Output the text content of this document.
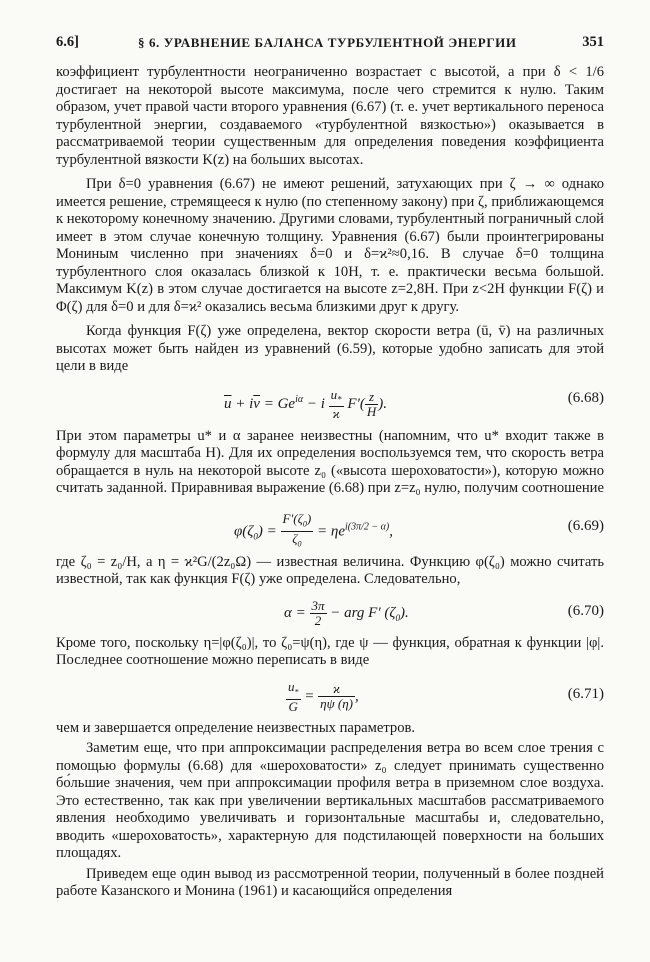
6.6]	§ 6. УРАВНЕНИЕ БАЛАНСА ТУРБУЛЕНТНОЙ ЭНЕРГИИ	351

коэффициент турбулентности неограниченно возрастает с высотой, а при δ < 1/6 достигает на некоторой высоте максимума, после чего стремится к нулю. Таким образом, учет правой части второго уравнения (6.67) (т. е. учет вертикального переноса турбулентной энергии, создаваемого «турбулентной вязкостью») оказывается в рассматриваемой теории существенным для определения поведения коэффициента турбулентной вязкости K(z) на больших высотах.

При δ=0 уравнения (6.67) не имеют решений, затухающих при ζ → ∞ однако имеется решение, стремящееся к нулю (по степенному закону) при ζ, приближающемся к некоторому конечному значению. Другими словами, турбулентный пограничный слой имеет в этом случае конечную толщину. Уравнения (6.67) были проинтегрированы Мониным численно при значениях δ=0 и δ=ϰ²≈0,16. В случае δ=0 толщина турбулентного слоя оказалась близкой к 10H, т. е. практически весьма большой. Максимум K(z) в этом случае достигается на высоте z=2,8H. При z<2H функции F(ζ) и Φ(ζ) для δ=0 и для δ=ϰ² оказались весьма близкими друг к другу.

Когда функция F(ζ) уже определена, вектор скорости ветра (ū, v̄) на различных высотах может быть найден из уравнений (6.59), которые удобно записать для этой цели в виде

$\overline{u} + i\overline{v} = Ge^{i\alpha} - i \frac{u_*}{ϰ} F'( \frac{z}{H}$ ).	(6.68)

При этом параметры u* и α заранее неизвестны (напомним, что u* входит также в формулу для масштаба H). Для их определения воспользуемся тем, что скорость ветра обращается в нуль на некоторой высоте z₀ («высота шероховатости»), которую можно считать заданной. Приравнивая выражение (6.68) при z=z₀ нулю, получим соотношение

$\varphi(\zeta_0) = \frac{F'(\zeta_0)}{\zeta_0} = \eta e^{i(3\pi/2 - \alpha)}$,	(6.69)

где ζ₀ = z₀/H, а η = ϰ²G/(2z₀Ω) — известная величина. Функцию φ(ζ₀) можно считать известной, так как функция F(ζ) уже определена. Следовательно,

$\alpha = \frac{3\pi}{2}$ − arg F′ $(\zeta_0)$.	(6.70)

Кроме того, поскольку η=|φ(ζ₀)|, то ζ₀=ψ(η), где ψ — функция, обратная к функции |φ|. Последнее соотношение можно переписать в виде

$\frac{u_*}{G} = \frac{ϰ}{\eta\psi (\eta)}$ ,	(6.71)

чем и завершается определение неизвестных параметров.

Заметим еще, что при аппроксимации распределения ветра во всем слое трения с помощью формулы (6.68) для «шероховатости» z₀ следует принимать существенно бо́льшие значения, чем при аппроксимации профиля ветра в приземном слое воздуха. Это естественно, так как при увеличении вертикальных масштабов рассматриваемого явления необходимо увеличивать и горизонтальные масштабы и, следовательно, вводить «шероховатость», характерную для подстилающей поверхности на больших площадях.

Приведем еще один вывод из рассмотренной теории, полученный в более поздней работе Казанского и Монина (1961) и касающийся определения
